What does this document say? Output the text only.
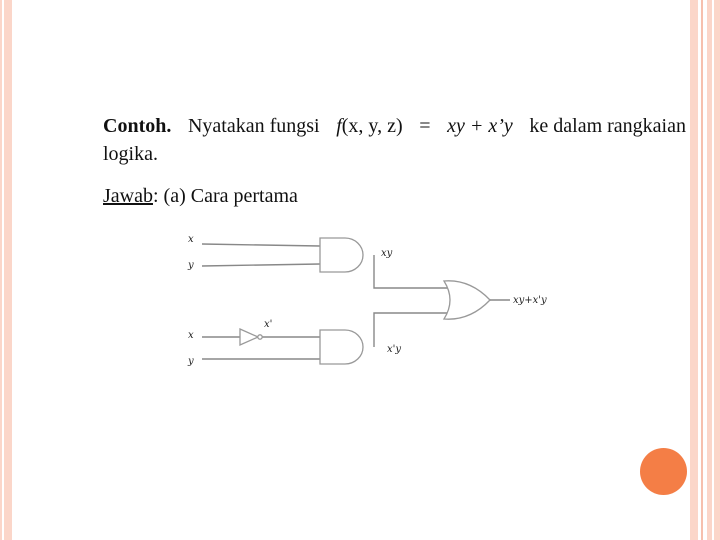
Contoh. Nyatakan fungsi f(x, y, z) = xy + x’y ke dalam rangkaian
logika.
Jawab: (a) Cara pertama
x
y
x
y
xy
x'
x'y
xy+x'y
